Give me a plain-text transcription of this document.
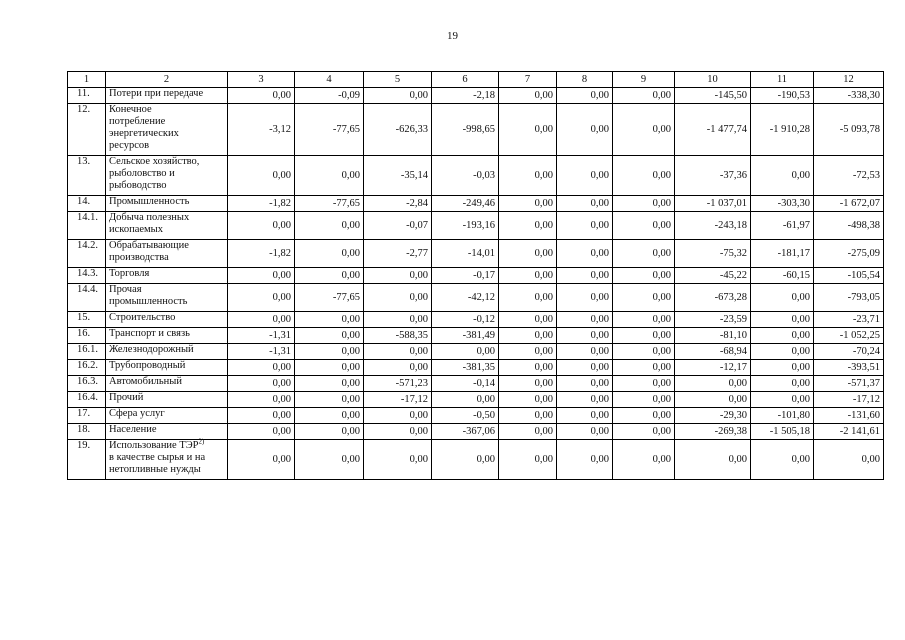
19
1	2	3	4	5	6	7	8	9	10	11	12
11.	Потери при передаче	0,00	-0,09	0,00	-2,18	0,00	0,00	0,00	-145,50	-190,53	-338,30
12.	Конечное
потребление
энергетических
ресурсов	-3,12	-77,65	-626,33	-998,65	0,00	0,00	0,00	-1 477,74	-1 910,28	-5 093,78
13.	Сельское хозяйство,
рыболовство и
рыбоводство	0,00	0,00	-35,14	-0,03	0,00	0,00	0,00	-37,36	0,00	-72,53
14.	Промышленность	-1,82	-77,65	-2,84	-249,46	0,00	0,00	0,00	-1 037,01	-303,30	-1 672,07
14.1.	Добыча полезных
ископаемых	0,00	0,00	-0,07	-193,16	0,00	0,00	0,00	-243,18	-61,97	-498,38
14.2.	Обрабатывающие
производства	-1,82	0,00	-2,77	-14,01	0,00	0,00	0,00	-75,32	-181,17	-275,09
14.3.	Торговля	0,00	0,00	0,00	-0,17	0,00	0,00	0,00	-45,22	-60,15	-105,54
14.4.	Прочая
промышленность	0,00	-77,65	0,00	-42,12	0,00	0,00	0,00	-673,28	0,00	-793,05
15.	Строительство	0,00	0,00	0,00	-0,12	0,00	0,00	0,00	-23,59	0,00	-23,71
16.	Транспорт и связь	-1,31	0,00	-588,35	-381,49	0,00	0,00	0,00	-81,10	0,00	-1 052,25
16.1.	Железнодорожный	-1,31	0,00	0,00	0,00	0,00	0,00	0,00	-68,94	0,00	-70,24
16.2.	Трубопроводный	0,00	0,00	0,00	-381,35	0,00	0,00	0,00	-12,17	0,00	-393,51
16.3.	Автомобильный	0,00	0,00	-571,23	-0,14	0,00	0,00	0,00	0,00	0,00	-571,37
16.4.	Прочий	0,00	0,00	-17,12	0,00	0,00	0,00	0,00	0,00	0,00	-17,12
17.	Сфера услуг	0,00	0,00	0,00	-0,50	0,00	0,00	0,00	-29,30	-101,80	-131,60
18.	Население	0,00	0,00	0,00	-367,06	0,00	0,00	0,00	-269,38	-1 505,18	-2 141,61
19.	Использование ТЭР$^{2)}$
в качестве сырья и на
нетопливные нужды	0,00	0,00	0,00	0,00	0,00	0,00	0,00	0,00	0,00	0,00
